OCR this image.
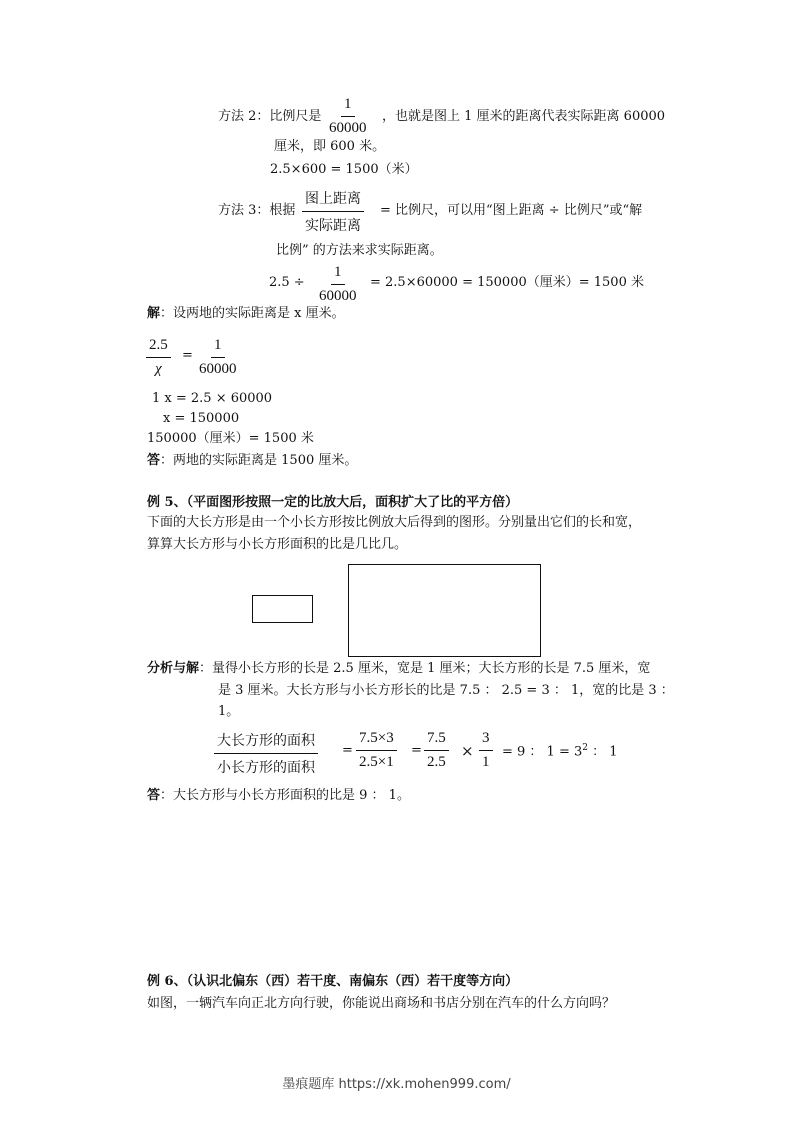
方法 2：比例尺是 $\frac{1}{60000}$ ，也就是图上 1 厘米的距离代表实际距离 60000
厘米，即 600 米。
2.5×600 = 1500（米）
方法 3：根据
图上距离
实际距离
= 比例尺，可以用“图上距离 ÷ 比例尺”或“解
比例” 的方法来求实际距离。
$2.5 \div \frac{1}{60000} = 2.5\times 60000 = 150000$（厘米）= 1500 米
解：设两地的实际距离是 x 厘米。
$\frac{2.5}{\chi} = \frac{1}{60000}$
1 x = 2.5 × 60000
x = 150000
150000（厘米）= 1500 米
答：两地的实际距离是 1500 厘米。
例 5、（平面图形按照一定的比放大后，面积扩大了比的平方倍）
下面的大长方形是由一个小长方形按比例放大后得到的图形。分别量出它们的长和宽，
算算大长方形与小长方形面积的比是几比几。
分析与解：量得小长方形的长是 2.5 厘米，宽是 1 厘米；大长方形的长是 7.5 厘米，宽
是 3 厘米。大长方形与小长方形长的比是 7.5 ： 2.5 = 3 ： 1，宽的比是 3 ：
1。
大长方形的面积
小长方形的面积
= $\frac{7.5\times 3}{2.5\times 1} = \frac{7.5}{2.5} \times \frac{3}{1} = 9$ ： $1 = 3^2$ ： 1
答：大长方形与小长方形面积的比是 9 ： 1。
例 6、（认识北偏东（西）若干度、南偏东（西）若干度等方向）
如图，一辆汽车向正北方向行驶，你能说出商场和书店分别在汽车的什么方向吗？
墨痕题库 https://xk.mohen999.com/
